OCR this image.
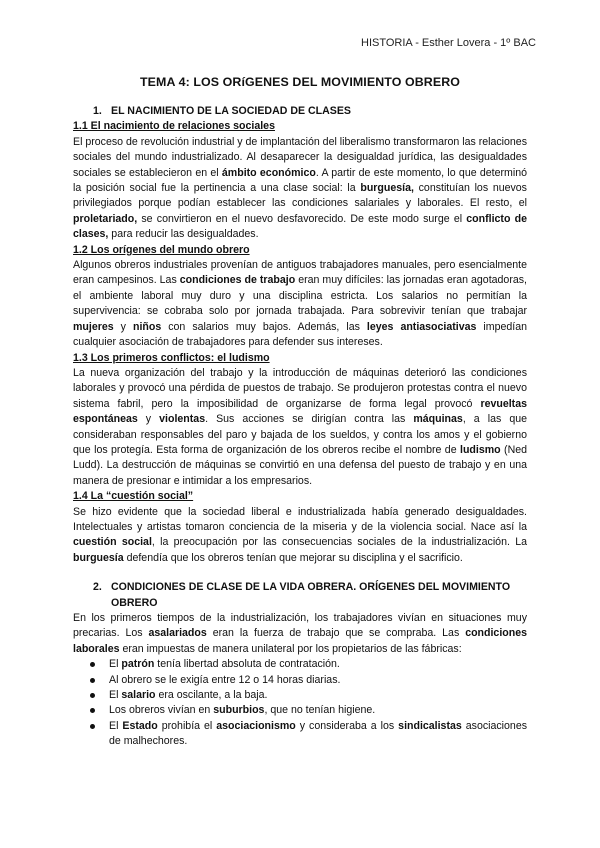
HISTORIA - Esther Lovera - 1º BAC
TEMA 4: LOS ORíGENES DEL MOVIMIENTO OBRERO
1. EL NACIMIENTO DE LA SOCIEDAD DE CLASES
1.1 El nacimiento de relaciones sociales

El proceso de revolución industrial y de implantación del liberalismo transformaron las relaciones sociales del mundo industrializado. Al desaparecer la desigualdad jurídica, las desigualdades sociales se establecieron en el ámbito económico. A partir de este momento, lo que determinó la posición social fue la pertinencia a una clase social: la burguesía, constituían los nuevos privilegiados porque podían establecer las condiciones salariales y laborales. El resto, el proletariado, se convirtieron en el nuevo desfavorecido. De este modo surge el conflicto de clases, para reducir las desigualdades.

1.2 Los orígenes del mundo obrero

Algunos obreros industriales provenían de antiguos trabajadores manuales, pero esencialmente eran campesinos. Las condiciones de trabajo eran muy difíciles: las jornadas eran agotadoras, el ambiente laboral muy duro y una disciplina estricta. Los salarios no permitían la supervivencia: se cobraba solo por jornada trabajada. Para sobrevivir tenían que trabajar mujeres y niños con salarios muy bajos. Además, las leyes antiasociativas impedían cualquier asociación de trabajadores para defender sus intereses.

1.3 Los primeros conflictos: el ludismo

La nueva organización del trabajo y la introducción de máquinas deterioró las condiciones laborales y provocó una pérdida de puestos de trabajo. Se produjeron protestas contra el nuevo sistema fabril, pero la imposibilidad de organizarse de forma legal provocó revueltas espontáneas y violentas. Sus acciones se dirigían contra las máquinas, a las que consideraban responsables del paro y bajada de los sueldos, y contra los amos y el gobierno que los protegía. Esta forma de organización de los obreros recibe el nombre de ludismo (Ned Ludd). La destrucción de máquinas se convirtió en una defensa del puesto de trabajo y en una manera de presionar e intimidar a los empresarios.

1.4 La “cuestión social”

Se hizo evidente que la sociedad liberal e industrializada había generado desigualdades. Intelectuales y artistas tomaron conciencia de la miseria y de la violencia social. Nace así la cuestión social, la preocupación por las consecuencias sociales de la industrialización. La burguesía defendía que los obreros tenían que mejorar su disciplina y el sacrificio.

2. CONDICIONES DE CLASE DE LA VIDA OBRERA. ORÍGENES DEL MOVIMIENTO OBRERO

En los primeros tiempos de la industrialización, los trabajadores vivían en situaciones muy precarias. Los asalariados eran la fuerza de trabajo que se compraba. Las condiciones laborales eran impuestas de manera unilateral por los propietarios de las fábricas:

El patrón tenía libertad absoluta de contratación.
Al obrero se le exigía entre 12 o 14 horas diarias.
El salario era oscilante, a la baja.
Los obreros vivían en suburbios, que no tenían higiene.
El Estado prohibía el asociacionismo y consideraba a los sindicalistas asociaciones de malhechores.
